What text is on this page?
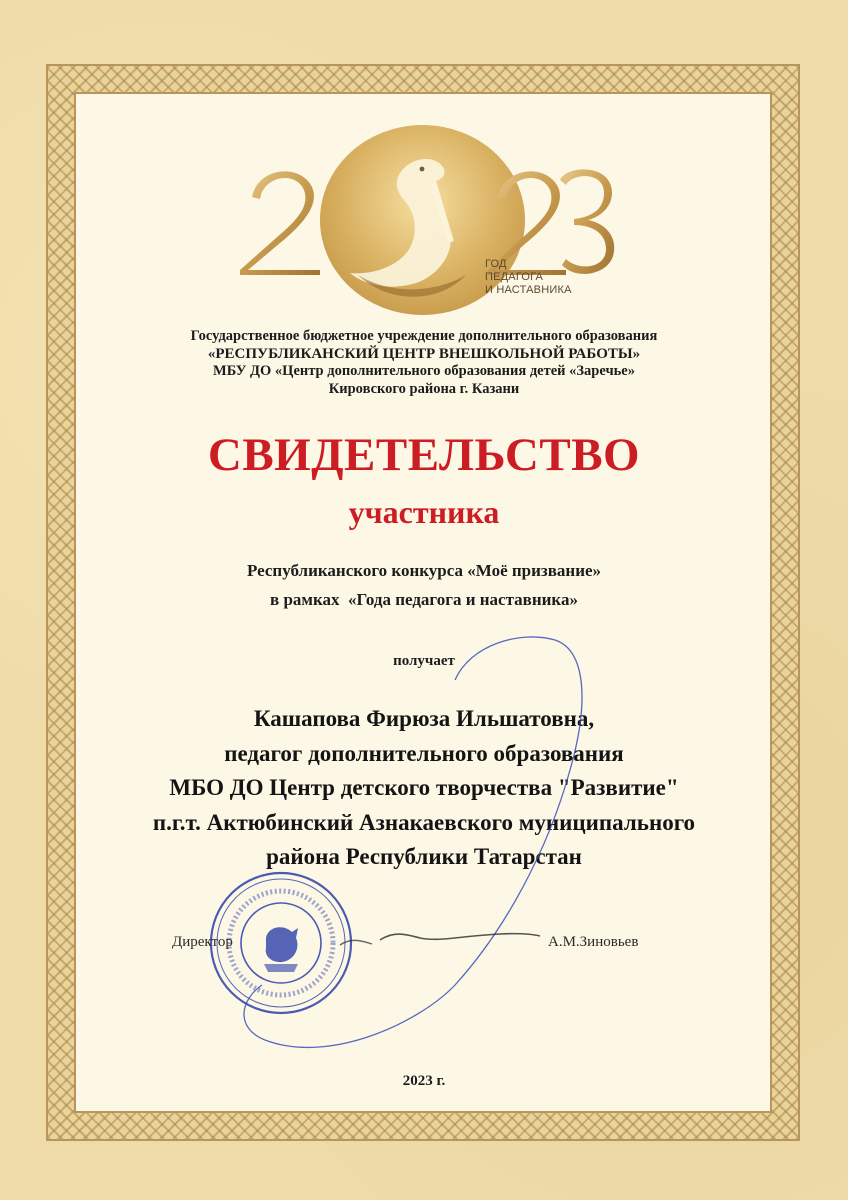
ГОД
ПЕДАГОГА
И НАСТАВНИКА
Государственное бюджетное учреждение дополнительного образования
«РЕСПУБЛИКАНСКИЙ ЦЕНТР ВНЕШКОЛЬНОЙ РАБОТЫ»
МБУ ДО «Центр дополнительного образования детей «Заречье»
Кировского района г. Казани
СВИДЕТЕЛЬСТВО
участника
Республиканского конкурса «Моё призвание»
в рамках  «Года педагога и наставника»
получает
Кашапова Фирюза Ильшатовна,
педагог дополнительного образования
МБО ДО Центр детского творчества "Развитие"
п.г.т. Актюбинский Азнакаевского муниципального
района Республики Татарстан
Директор	А.М.Зиновьев
2023 г.
